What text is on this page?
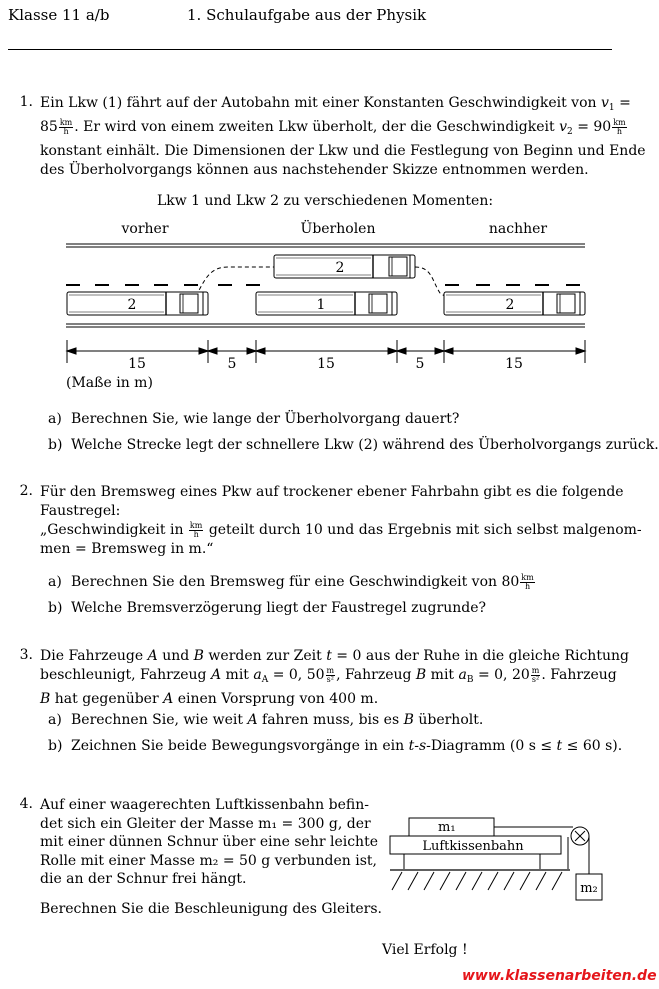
Klasse 11 a/b	1. Schulaufgabe aus der Physik
1. Ein Lkw (1) fährt auf der Autobahn mit einer Konstanten Geschwindigkeit von $v_1$ =
$85 \frac{km}{h}$ . Er wird von einem zweiten Lkw überholt, der die Geschwindigkeit $v_2 = 90 \frac{km}{h}$
konstant einhält. Die Dimensionen der Lkw und die Festlegung von Beginn und Ende
des Überholvorgangs können aus nachstehender Skizze entnommen werden.
Lkw 1 und Lkw 2 zu verschiedenen Momenten:
vorher	Überholen	nachher
2
2	1	2
15	5	15	5	15
(Maße in m)
a) Berechnen Sie, wie lange der Überholvorgang dauert?
b) Welche Strecke legt der schnellere Lkw (2) während des Überholvorgangs zurück.
2. Für den Bremsweg eines Pkw auf trockener ebener Fahrbahn gibt es die folgende
Faustregel:
„Geschwindigkeit in $\frac{km}{h}$ geteilt durch 10 und das Ergebnis mit sich selbst malgenom-
men = Bremsweg in m.“
a) Berechnen Sie den Bremsweg für eine Geschwindigkeit von $80 \frac{km}{h}$
b) Welche Bremsverzögerung liegt der Faustregel zugrunde?
3. Die Fahrzeuge A und B werden zur Zeit t = 0 aus der Ruhe in die gleiche Richtung
beschleunigt, Fahrzeug A mit $a_A = 0$, $50 \frac{m}{\text{s²}}$ , Fahrzeug B mit $a_B = 0$, $20 \frac{m}{\text{s²}}$ . Fahrzeug
B hat gegenüber A einen Vorsprung von 400 m.
a) Berechnen Sie, wie weit A fahren muss, bis es B überholt.
b) Zeichnen Sie beide Bewegungsvorgänge in ein t-s-Diagramm (0 s ≤ t ≤ 60 s).
4. Auf einer waagerechten Luftkissenbahn befin-
det sich ein Gleiter der Masse m₁ = 300 g, der
mit einer dünnen Schnur über eine sehr leichte
Rolle mit einer Masse m₂ = 50 g verbunden ist,
die an der Schnur frei hängt.
Berechnen Sie die Beschleunigung des Gleiters.
m₁
Luftkissenbahn
m₂
Viel Erfolg !
www.klassenarbeiten.de
